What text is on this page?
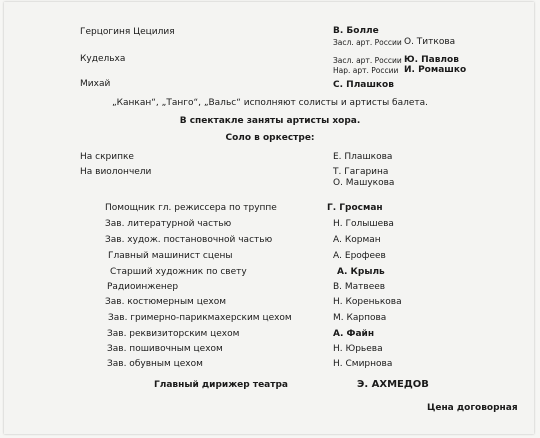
Герцогиня Цецилия	В. Болле
Засл. арт. России О. Титкова
Кудельха	Засл. арт. России Ю. Павлов
Нар. арт. России И. Ромашко
Михай	С. Плашков
„Канкан“, „Танго“, „Вальс“ исполняют солисты и артисты балета.
В спектакле заняты артисты хора.
Соло в оркестре:
На скрипке	Е. Плашкова
На виолончели	Т. Гагарина
О. Машукова
Помощник гл. режиссера по труппе	Г. Гросман
Зав. литературной частью	Н. Голышева
Зав. худож. постановочной частью	А. Корман
Главный машинист сцены	А. Ерофеев
Старший художник по свету	А. Крыль
Радиоинженер	В. Матвеев
Зав. костюмерным цехом	Н. Коренькова
Зав. гримерно-парикмахерским цехом	М. Карпова
Зав. реквизиторским цехом	А. Файн
Зав. пошивочным цехом	Н. Юрьева
Зав. обувным цехом	Н. Смирнова
Главный дирижер театра	Э. АХМЕДОВ
Цена договорная
